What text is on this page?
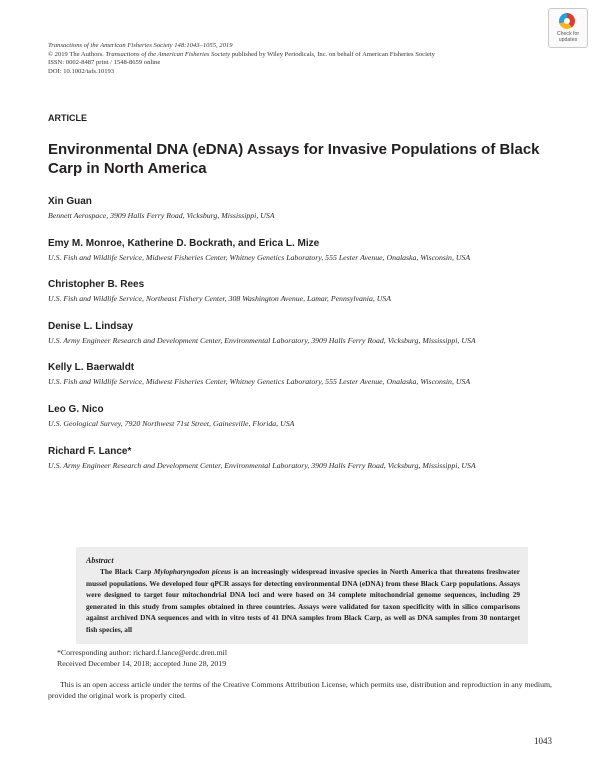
Transactions of the American Fisheries Society 148:1043–1055, 2019
© 2019 The Authors. Transactions of the American Fisheries Society published by Wiley Periodicals, Inc. on behalf of American Fisheries Society
ISSN: 0002-8487 print / 1548-8659 online
DOI: 10.1002/tafs.10193
Check for
updates
ARTICLE
Environmental DNA (eDNA) Assays for Invasive Populations of Black Carp in North America
Xin Guan
Bennett Aerospace, 3909 Halls Ferry Road, Vicksburg, Mississippi, USA
Emy M. Monroe, Katherine D. Bockrath, and Erica L. Mize
U.S. Fish and Wildlife Service, Midwest Fisheries Center, Whitney Genetics Laboratory, 555 Lester Avenue, Onalaska, Wisconsin, USA
Christopher B. Rees
U.S. Fish and Wildlife Service, Northeast Fishery Center, 308 Washington Avenue, Lamar, Pennsylvania, USA
Denise L. Lindsay
U.S. Army Engineer Research and Development Center, Environmental Laboratory, 3909 Halls Ferry Road, Vicksburg, Mississippi, USA
Kelly L. Baerwaldt
U.S. Fish and Wildlife Service, Midwest Fisheries Center, Whitney Genetics Laboratory, 555 Lester Avenue, Onalaska, Wisconsin, USA
Leo G. Nico
U.S. Geological Survey, 7920 Northwest 71st Street, Gainesville, Florida, USA
Richard F. Lance*
U.S. Army Engineer Research and Development Center, Environmental Laboratory, 3909 Halls Ferry Road, Vicksburg, Mississippi, USA
Abstract
The Black Carp Mylopharyngodon piceus is an increasingly widespread invasive species in North America that threatens freshwater mussel populations. We developed four qPCR assays for detecting environmental DNA (eDNA) from these Black Carp populations. Assays were designed to target four mitochondrial DNA loci and were based on 34 complete mitochondrial genome sequences, including 29 generated in this study from samples obtained in three countries. Assays were validated for taxon specificity with in silico comparisons against archived DNA sequences and with in vitro tests of 41 DNA samples from Black Carp, as well as DNA samples from 30 nontarget fish species, all
*Corresponding author: richard.f.lance@erdc.dren.mil
Received December 14, 2018; accepted June 28, 2019
This is an open access article under the terms of the Creative Commons Attribution License, which permits use, distribution and reproduction in any medium, provided the original work is properly cited.
1043
